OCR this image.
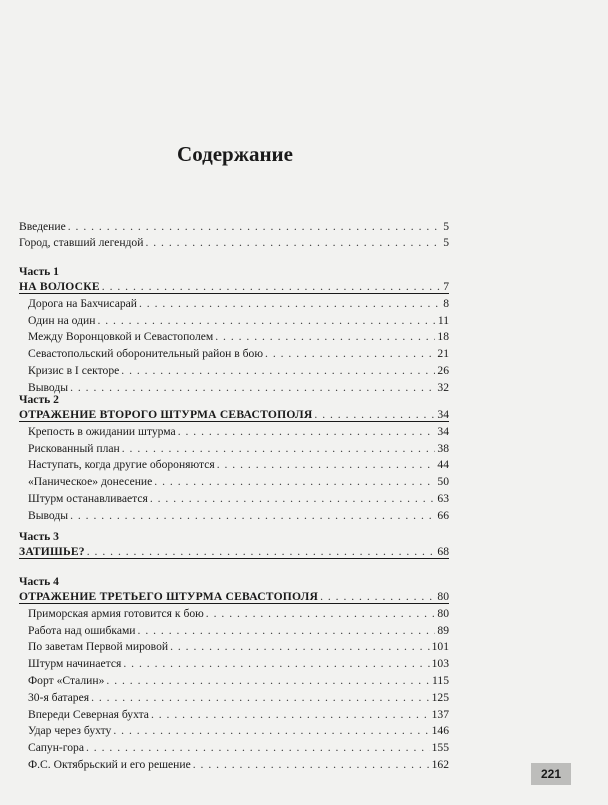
Содержание
Введение . . .	5
Город, ставший легендой . . .	5
Часть 1
НА ВОЛОСКЕ . . .	7
Дорога на Бахчисарай . . .	8
Один на один . . .	11
Между Воронцовкой и Севастополем . . .	18
Севастопольский оборонительный район в бою . . .	21
Кризис в I секторе . . .	26
Выводы . . .	32
Часть 2
ОТРАЖЕНИЕ ВТОРОГО ШТУРМА СЕВАСТОПОЛЯ . . .	34
Крепость в ожидании штурма . . .	34
Рискованный план . . .	38
Наступать, когда другие обороняются . . .	44
«Паническое» донесение . . .	50
Штурм останавливается . . .	63
Выводы . . .	66
Часть 3
ЗАТИШЬЕ? . . .	68
Часть 4
ОТРАЖЕНИЕ ТРЕТЬЕГО ШТУРМА СЕВАСТОПОЛЯ . . .	80
Приморская армия готовится к бою . . .	80
Работа над ошибками . . .	89
По заветам Первой мировой . . .	101
Штурм начинается . . .	103
Форт «Сталин» . . .	115
30-я батарея . . .	125
Впереди Северная бухта . . .	137
Удар через бухту . . .	146
Сапун-гора . . .	155
Ф.С. Октябрьский и его решение . . .	162
221
